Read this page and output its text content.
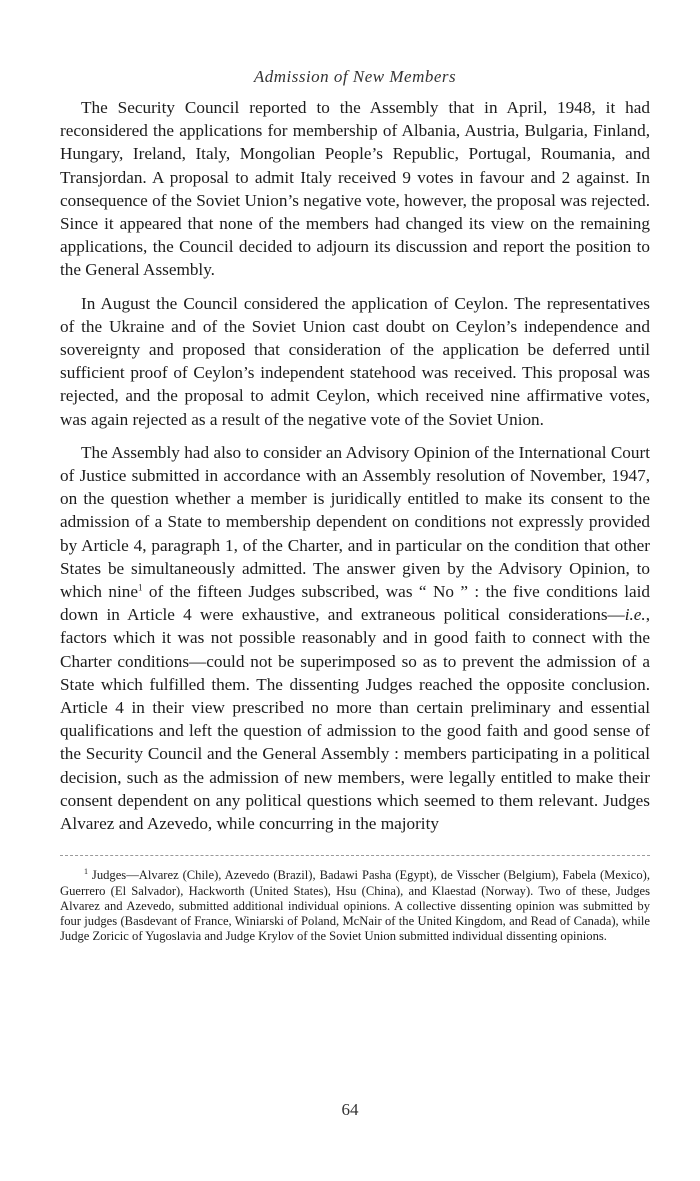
Admission of New Members

The Security Council reported to the Assembly that in April, 1948, it had reconsidered the applications for membership of Albania, Austria, Bulgaria, Finland, Hungary, Ireland, Italy, Mongolian People’s Republic, Portugal, Roumania, and Transjordan. A proposal to admit Italy received 9 votes in favour and 2 against. In consequence of the Soviet Union’s negative vote, however, the proposal was rejected. Since it appeared that none of the members had changed its view on the remaining applications, the Council decided to adjourn its discussion and report the position to the General Assembly.

In August the Council considered the application of Ceylon. The representatives of the Ukraine and of the Soviet Union cast doubt on Ceylon’s independence and sovereignty and proposed that consideration of the application be deferred until sufficient proof of Ceylon’s independent statehood was received. This proposal was rejected, and the proposal to admit Ceylon, which received nine affirmative votes, was again rejected as a result of the negative vote of the Soviet Union.

The Assembly had also to consider an Advisory Opinion of the International Court of Justice submitted in accordance with an Assembly resolution of November, 1947, on the question whether a member is juridically entitled to make its consent to the admission of a State to membership dependent on conditions not expressly provided by Article 4, paragraph 1, of the Charter, and in particular on the condition that other States be simultaneously admitted. The answer given by the Advisory Opinion, to which nine$^1$ of the fifteen Judges subscribed, was “ No ” : the five conditions laid down in Article 4 were exhaustive, and extraneous political considerations—i.e., factors which it was not possible reasonably and in good faith to connect with the Charter conditions—could not be superimposed so as to prevent the admission of a State which fulfilled them. The dissenting Judges reached the opposite conclusion. Article 4 in their view prescribed no more than certain preliminary and essential qualifications and left the question of admission to the good faith and good sense of the Security Council and the General Assembly : members participating in a political decision, such as the admission of new members, were legally entitled to make their consent dependent on any political questions which seemed to them relevant. Judges Alvarez and Azevedo, while concurring in the majority

$^1$ Judges—Alvarez (Chile), Azevedo (Brazil), Badawi Pasha (Egypt), de Visscher (Belgium), Fabela (Mexico), Guerrero (El Salvador), Hackworth (United States), Hsu (China), and Klaestad (Norway). Two of these, Judges Alvarez and Azevedo, submitted additional individual opinions. A collective dissenting opinion was submitted by four judges (Basdevant of France, Winiarski of Poland, McNair of the United Kingdom, and Read of Canada), while Judge Zoricic of Yugoslavia and Judge Krylov of the Soviet Union submitted individual dissenting opinions.

64
